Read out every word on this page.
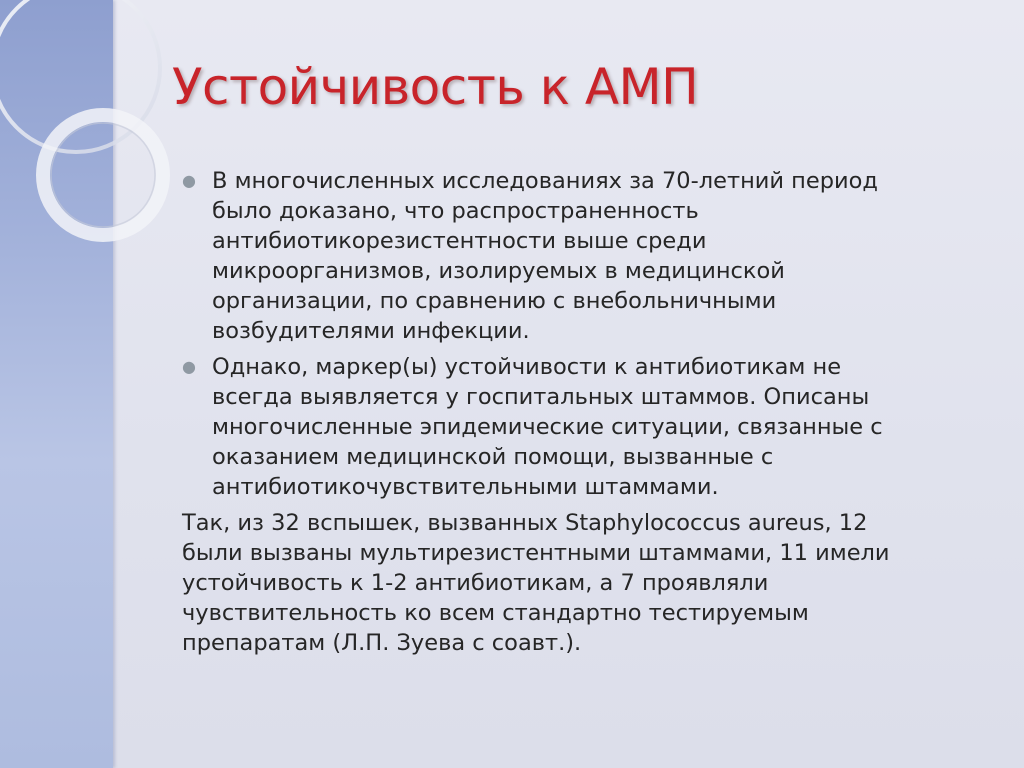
Устойчивость к АМП
● В многочисленных исследованиях за 70-летний период
было доказано, что распространенность
антибиотикорезистентности выше среди
микроорганизмов, изолируемых в медицинской
организации, по сравнению с внебольничными
возбудителями инфекции.
● Однако, маркер(ы) устойчивости к антибиотикам не
всегда выявляется у госпитальных штаммов. Описаны
многочисленные эпидемические ситуации, связанные с
оказанием медицинской помощи, вызванные с
антибиотикочувствительными штаммами.
Так, из 32 вспышек, вызванных Staphylococcus aureus, 12
были вызваны мультирезистентными штаммами, 11 имели
устойчивость к 1-2 антибиотикам, а 7 проявляли
чувствительность ко всем стандартно тестируемым
препаратам (Л.П. Зуева с соавт.).
